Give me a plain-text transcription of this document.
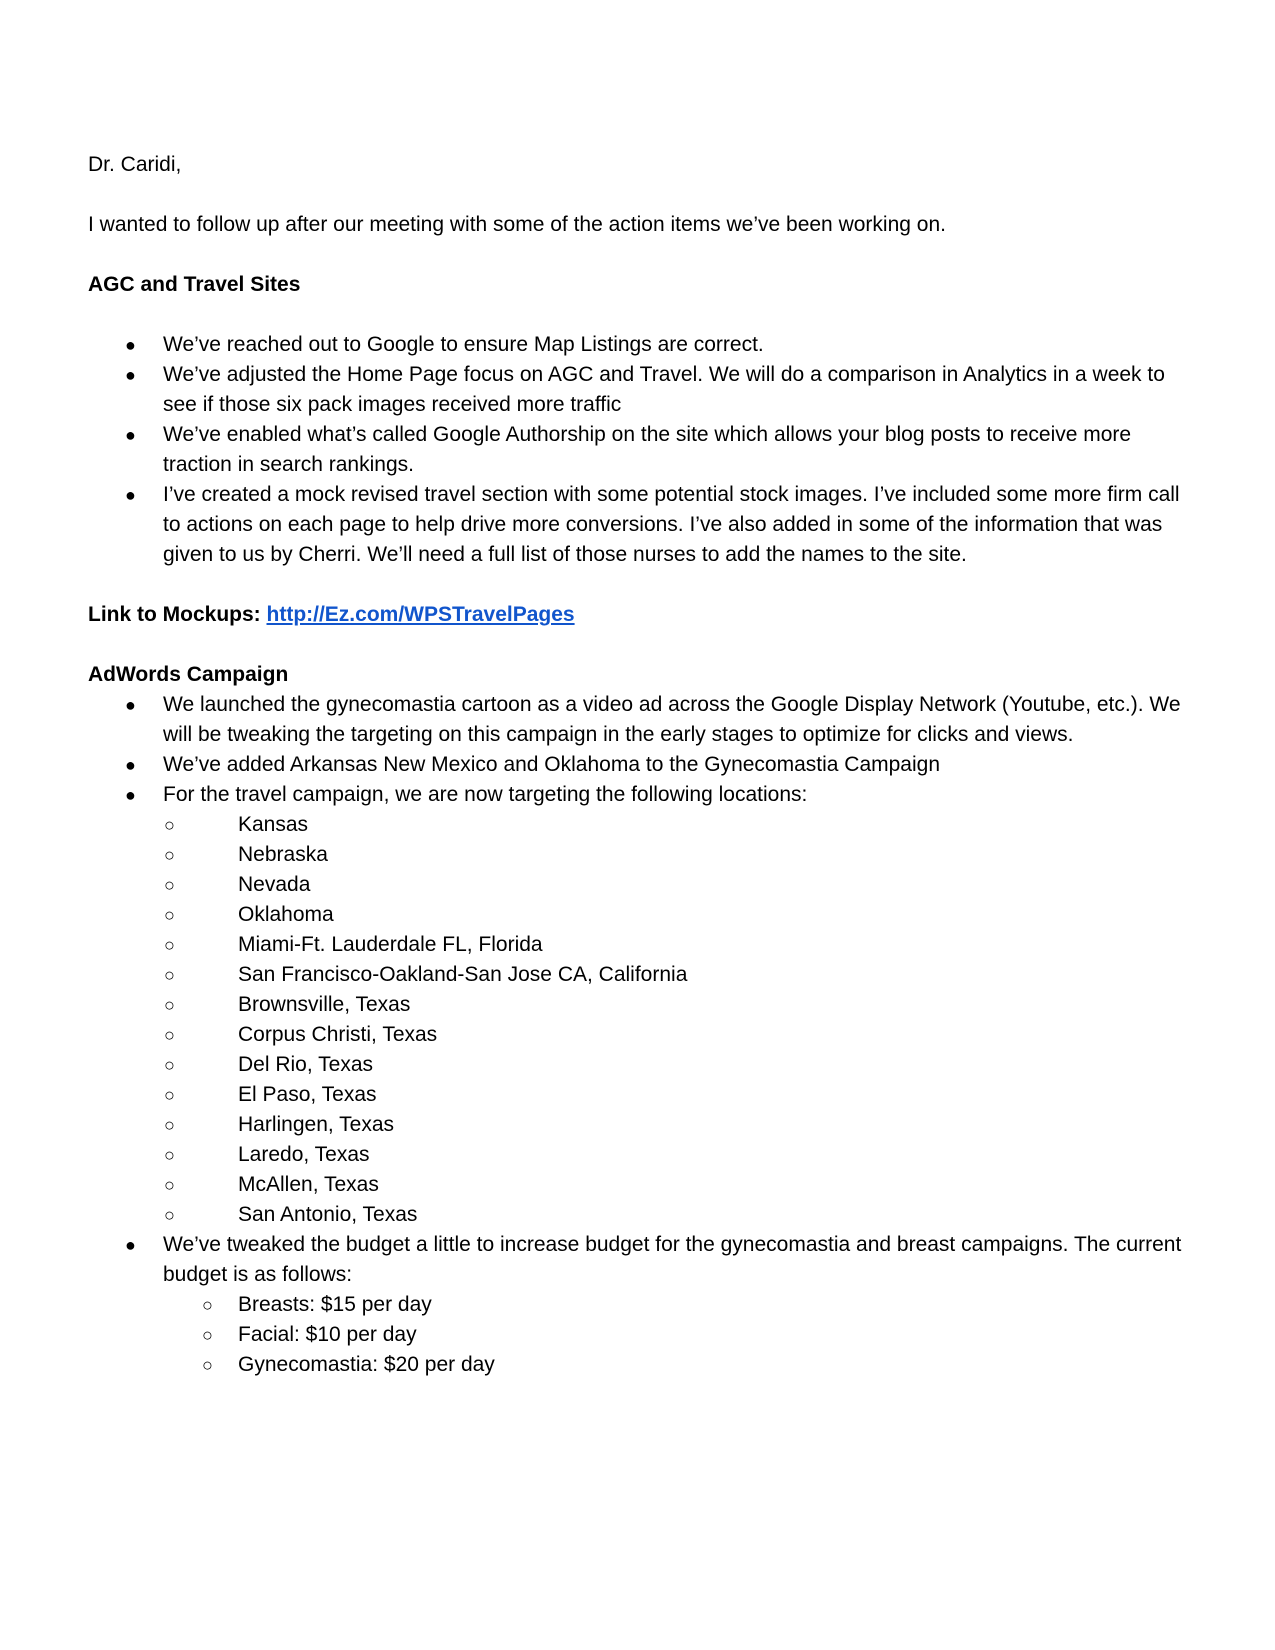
Dr. Caridi,

I wanted to follow up after our meeting with some of the action items we’ve been working on.

AGC and Travel Sites

● We’ve reached out to Google to ensure Map Listings are correct.
● We’ve adjusted the Home Page focus on AGC and Travel. We will do a comparison in Analytics in a week to see if those six pack images received more traffic
● We’ve enabled what’s called Google Authorship on the site which allows your blog posts to receive more traction in search rankings.
● I’ve created a mock revised travel section with some potential stock images. I’ve included some more firm call to actions on each page to help drive more conversions. I’ve also added in some of the information that was given to us by Cherri. We’ll need a full list of those nurses to add the names to the site.

Link to Mockups: http://Ez.com/WPSTravelPages

AdWords Campaign

● We launched the gynecomastia cartoon as a video ad across the Google Display Network (Youtube, etc.). We will be tweaking the targeting on this campaign in the early stages to optimize for clicks and views.
● We’ve added Arkansas New Mexico and Oklahoma to the Gynecomastia Campaign
● For the travel campaign, we are now targeting the following locations:
○ Kansas
○ Nebraska
○ Nevada
○ Oklahoma
○ Miami-Ft. Lauderdale FL, Florida
○ San Francisco-Oakland-San Jose CA, California
○ Brownsville, Texas
○ Corpus Christi, Texas
○ Del Rio, Texas
○ El Paso, Texas
○ Harlingen, Texas
○ Laredo, Texas
○ McAllen, Texas
○ San Antonio, Texas
● We’ve tweaked the budget a little to increase budget for the gynecomastia and breast campaigns. The current budget is as follows:
○ Breasts: $15 per day
○ Facial: $10 per day
○ Gynecomastia: $20 per day
